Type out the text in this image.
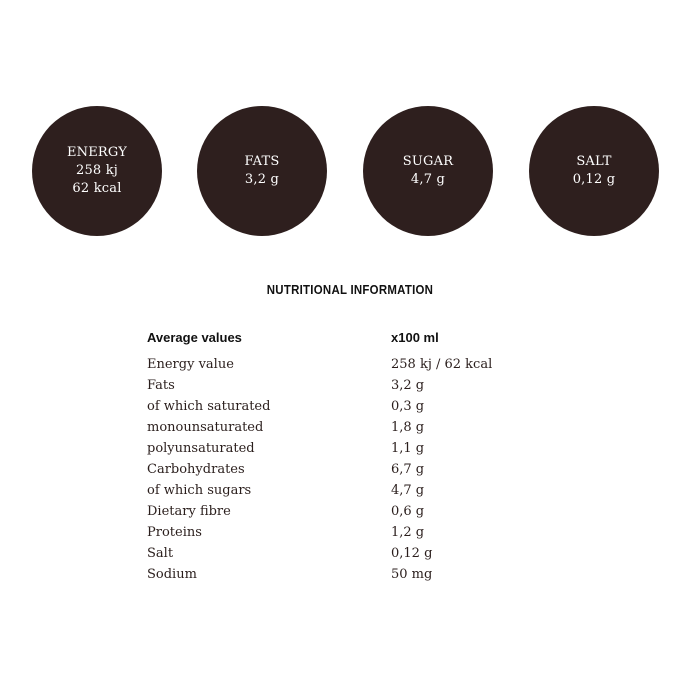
ENERGY
258 kj
62 kcal
FATS
3,2 g
SUGAR
4,7 g
SALT
0,12 g
NUTRITIONAL INFORMATION
Average values	x100 ml
Energy value	258 kj / 62 kcal
Fats	3,2 g
of which saturated	0,3 g
monounsaturated	1,8 g
polyunsaturated	1,1 g
Carbohydrates	6,7 g
of which sugars	4,7 g
Dietary fibre	0,6 g
Proteins	1,2 g
Salt	0,12 g
Sodium	50 mg
